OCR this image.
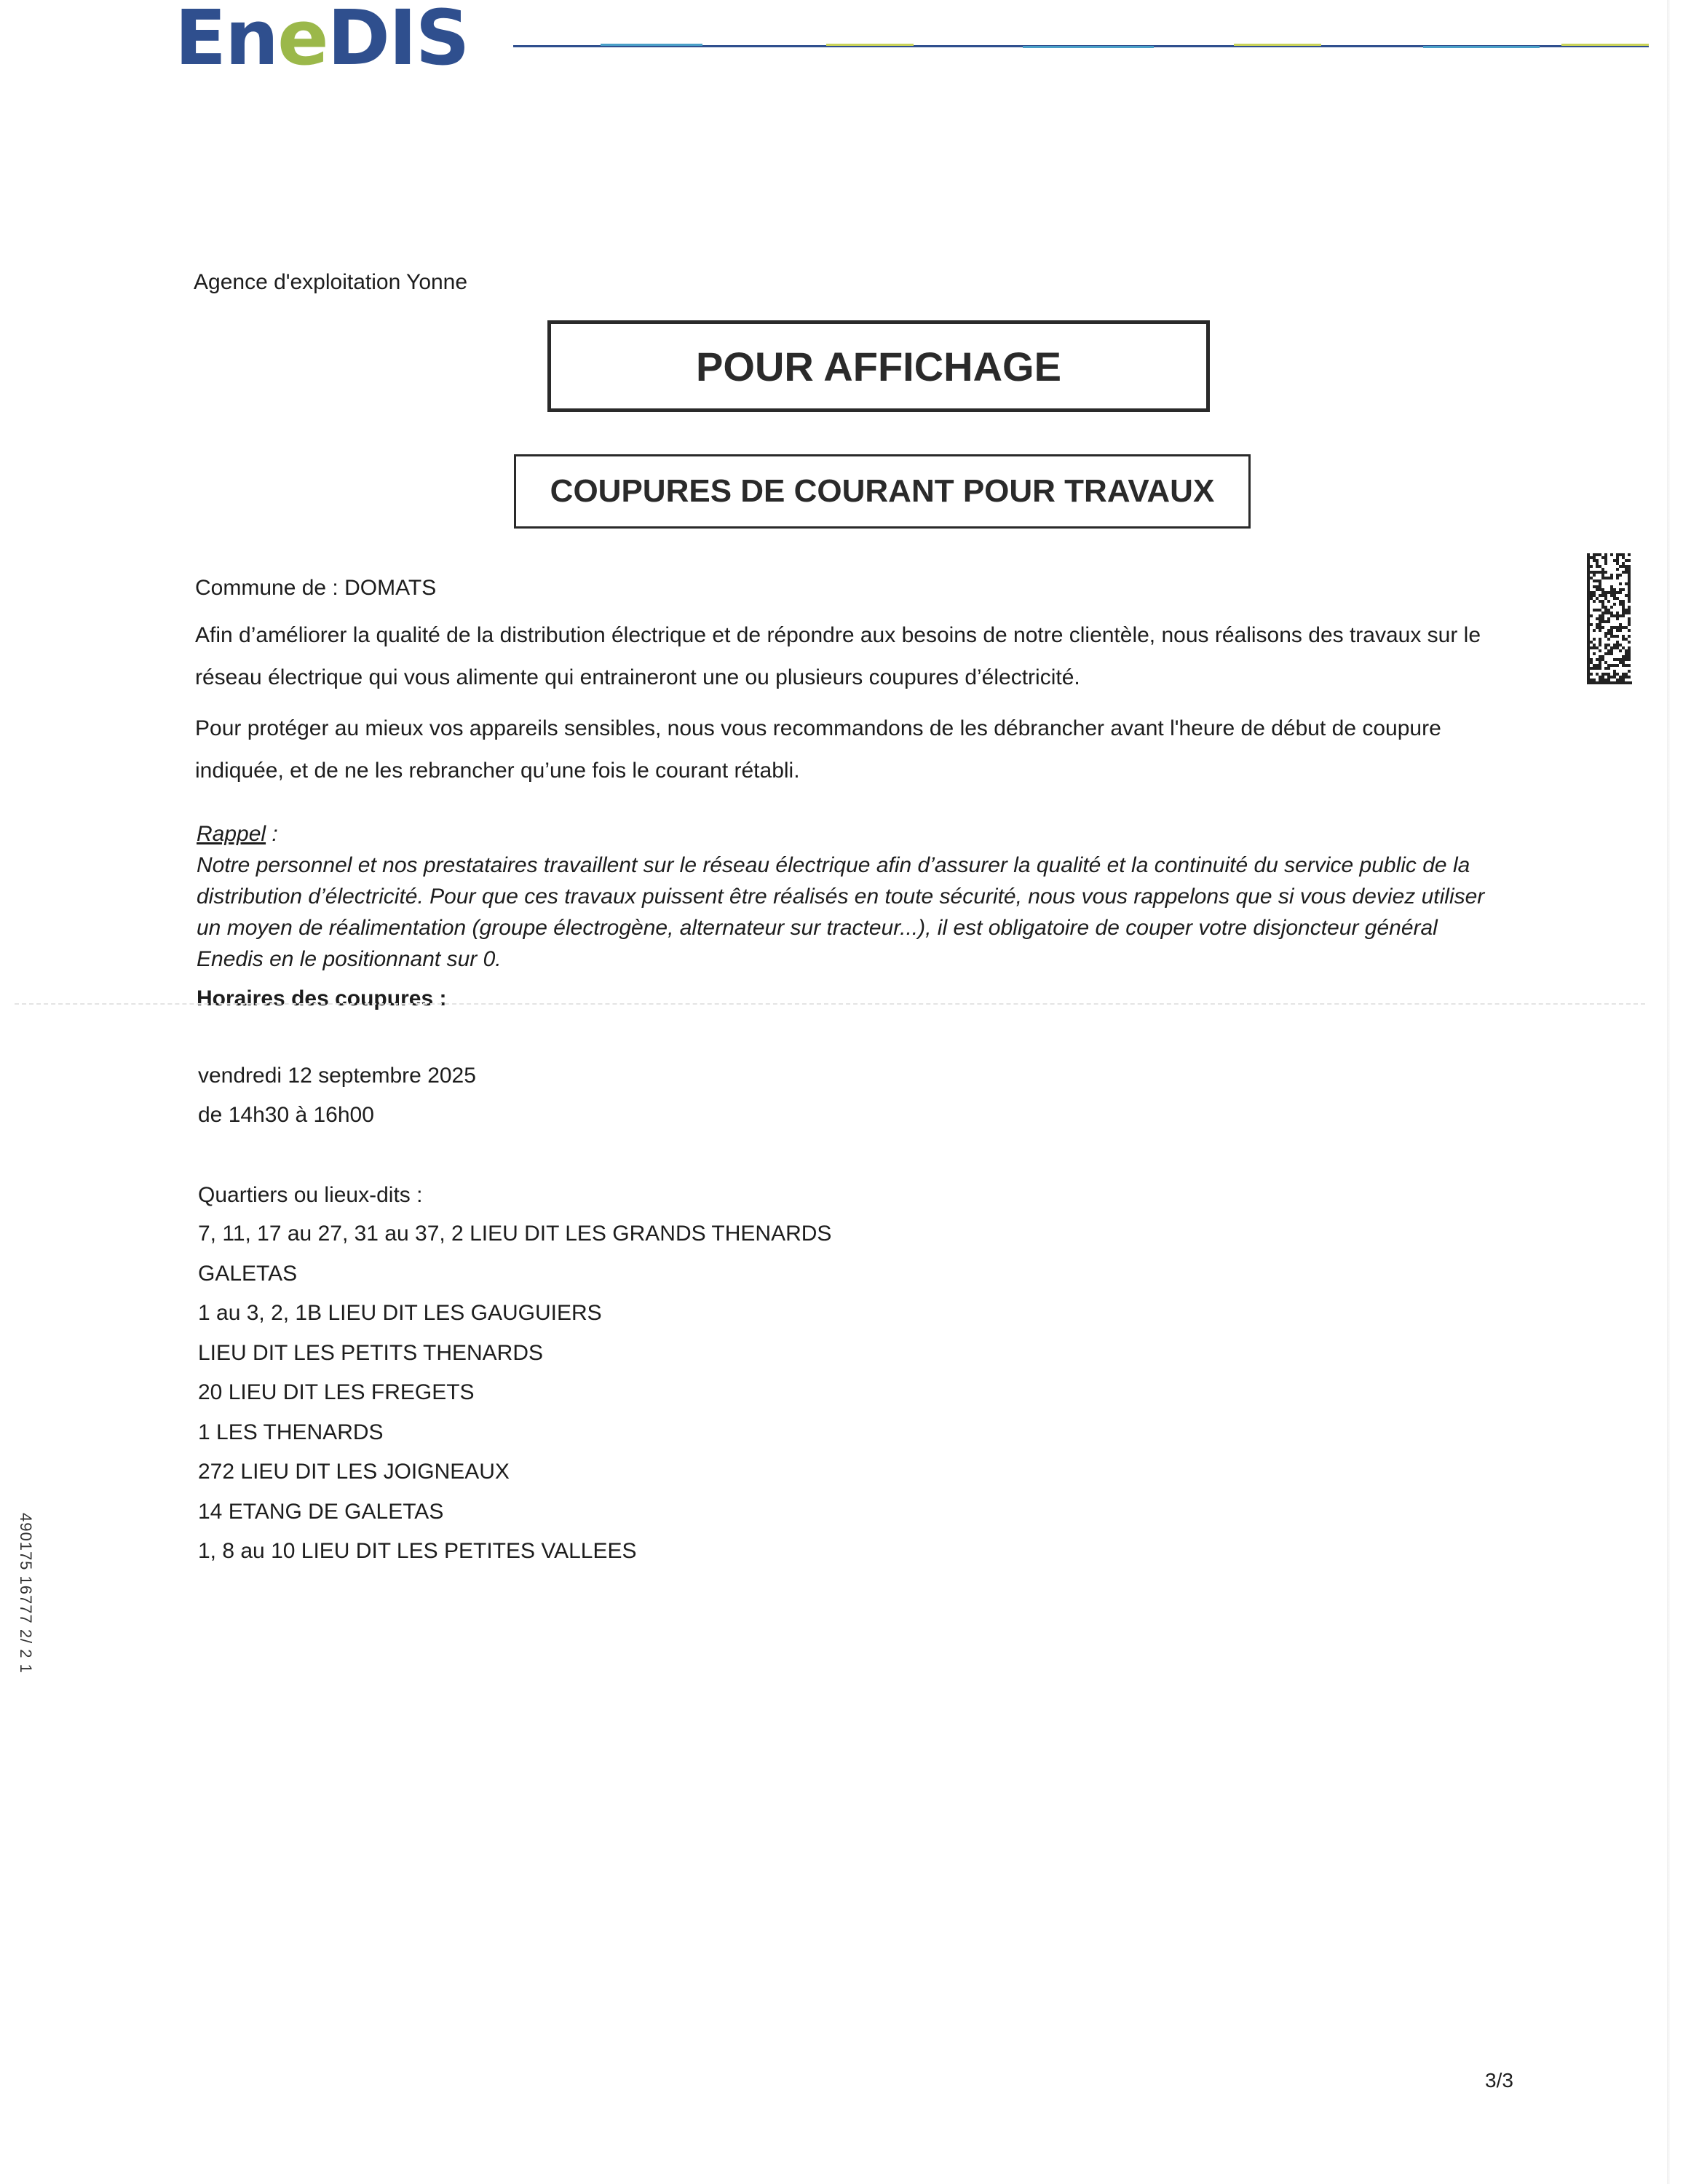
EneDIS
Agence d'exploitation Yonne
POUR AFFICHAGE
COUPURES DE COURANT POUR TRAVAUX
Commune de : DOMATS
Afin d’améliorer la qualité de la distribution électrique et de répondre aux besoins de notre clientèle, nous réalisons des travaux sur le réseau électrique qui vous alimente qui entraineront une ou plusieurs coupures d’électricité.
Pour protéger au mieux vos appareils sensibles, nous vous recommandons de les débrancher avant l'heure de début de coupure indiquée, et de ne les rebrancher qu’une fois le courant rétabli.
Rappel :
Notre personnel et nos prestataires travaillent sur le réseau électrique afin d’assurer la qualité et la continuité du service public de la distribution d’électricité. Pour que ces travaux puissent être réalisés en toute sécurité, nous vous rappelons que si vous deviez utiliser un moyen de réalimentation (groupe électrogène, alternateur sur tracteur...), il est obligatoire de couper votre disjoncteur général Enedis en le positionnant sur 0.
Horaires des coupures :
vendredi 12 septembre 2025
de 14h30 à 16h00
Quartiers ou lieux-dits :
7, 11, 17 au 27, 31 au 37, 2 LIEU DIT LES GRANDS THENARDS
GALETAS
1 au 3, 2, 1B LIEU DIT LES GAUGUIERS
LIEU DIT LES PETITS THENARDS
20 LIEU DIT LES FREGETS
1 LES THENARDS
272 LIEU DIT LES JOIGNEAUX
14 ETANG DE GALETAS
1, 8 au 10 LIEU DIT LES PETITES VALLEES
3/3
490175 16777 2/ 2 1
